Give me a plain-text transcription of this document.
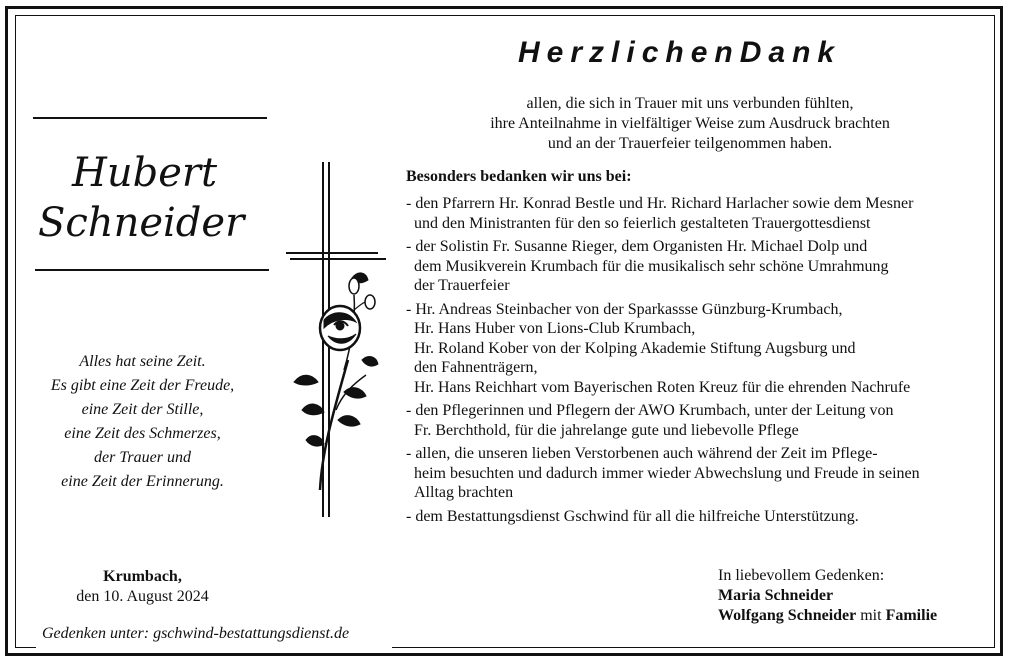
Hubert
Schneider
Alles hat seine Zeit.
Es gibt eine Zeit der Freude,
eine Zeit der Stille,
eine Zeit des Schmerzes,
der Trauer und
eine Zeit der Erinnerung.
Krumbach,
den 10. August 2024
Gedenken unter: gschwind-bestattungsdienst.de
HerzlichenDank
allen, die sich in Trauer mit uns verbunden fühlten,
ihre Anteilnahme in vielfältiger Weise zum Ausdruck brachten
und an der Trauerfeier teilgenommen haben.
Besonders bedanken wir uns bei:
- den Pfarrern Hr. Konrad Bestle und Hr. Richard Harlacher sowie dem Mesner
und den Ministranten für den so feierlich gestalteten Trauergottesdienst
- der Solistin Fr. Susanne Rieger, dem Organisten Hr. Michael Dolp und
dem Musikverein Krumbach für die musikalisch sehr schöne Umrahmung
der Trauerfeier
- Hr. Andreas Steinbacher von der Sparkassse Günzburg-Krumbach,
Hr. Hans Huber von Lions-Club Krumbach,
Hr. Roland Kober von der Kolping Akademie Stiftung Augsburg und
den Fahnenträgern,
Hr. Hans Reichhart vom Bayerischen Roten Kreuz für die ehrenden Nachrufe
- den Pflegerinnen und Pflegern der AWO Krumbach, unter der Leitung von
Fr. Berchthold, für die jahrelange gute und liebevolle Pflege
- allen, die unseren lieben Verstorbenen auch während der Zeit im Pflege-
heim besuchten und dadurch immer wieder Abwechslung und Freude in seinen
Alltag brachten
- dem Bestattungsdienst Gschwind für all die hilfreiche Unterstützung.
In liebevollem Gedenken:
Maria Schneider
Wolfgang Schneider mit Familie
